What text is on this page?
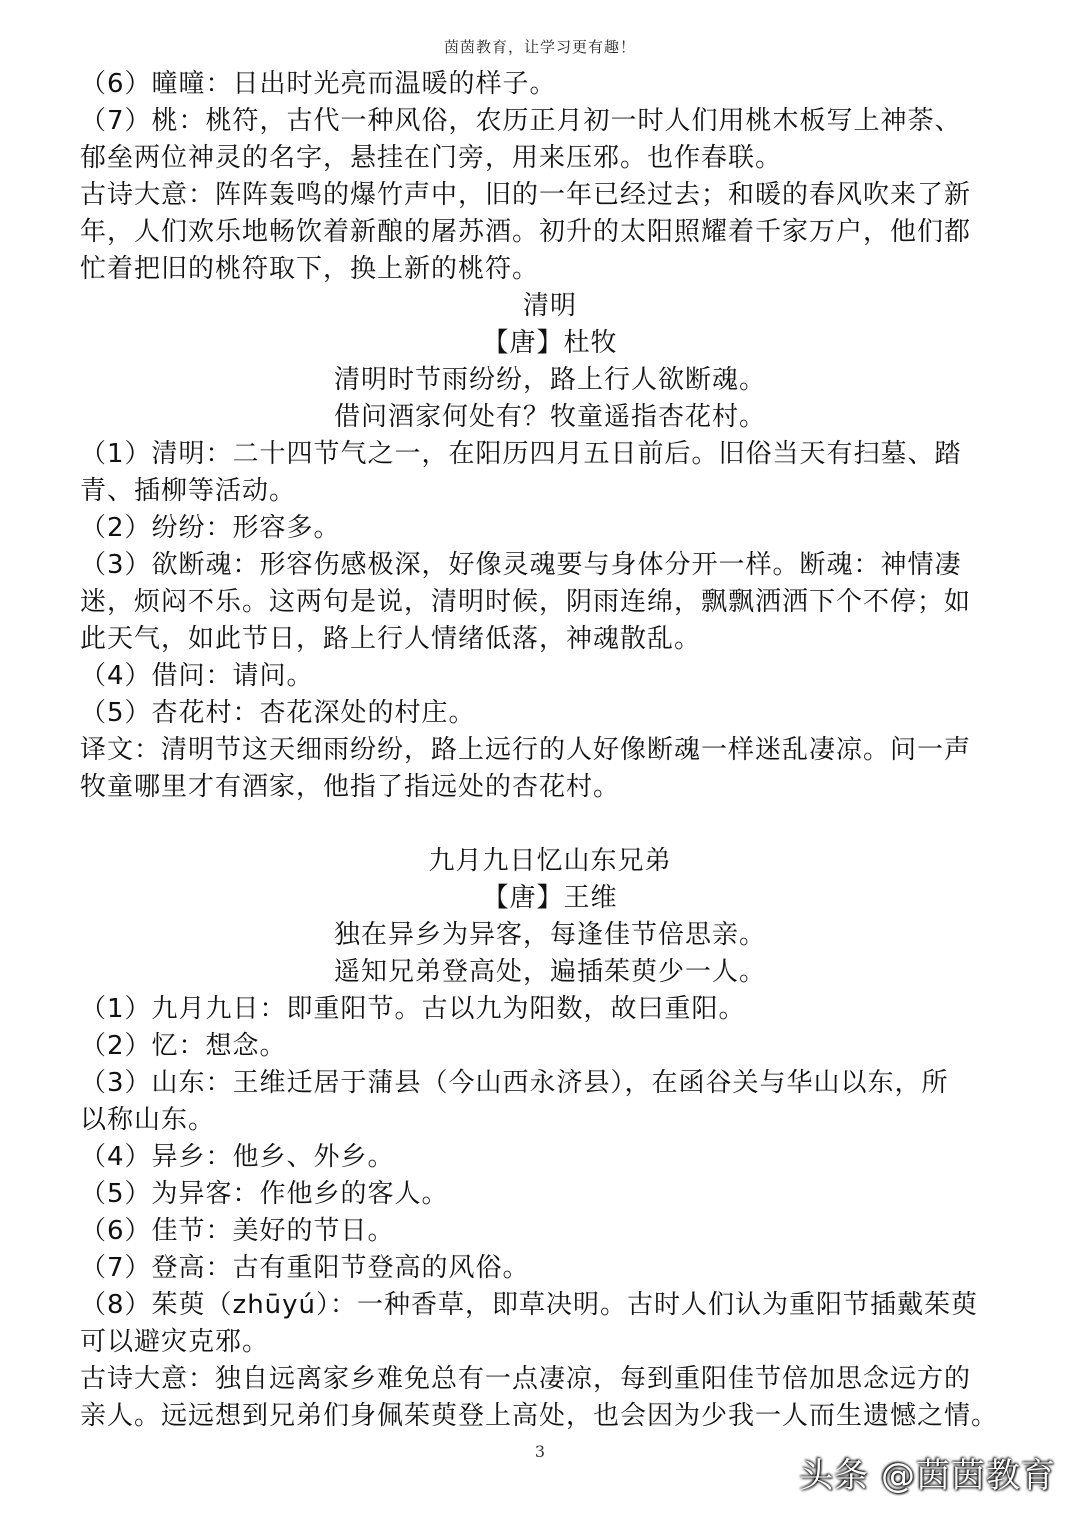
茵茵教育，让学习更有趣！

（6）曈曈：日出时光亮而温暖的样子。

（7）桃：桃符，古代一种风俗，农历正月初一时人们用桃木板写上神荼、

郁垒两位神灵的名字，悬挂在门旁，用来压邪。也作春联。

古诗大意：阵阵轰鸣的爆竹声中，旧的一年已经过去；和暖的春风吹来了新

年，人们欢乐地畅饮着新酿的屠苏酒。初升的太阳照耀着千家万户，他们都

忙着把旧的桃符取下，换上新的桃符。

清明

【唐】杜牧

清明时节雨纷纷，路上行人欲断魂。

借问酒家何处有？牧童遥指杏花村。

（1）清明：二十四节气之一，在阳历四月五日前后。旧俗当天有扫墓、踏

青、插柳等活动。

（2）纷纷：形容多。

（3）欲断魂：形容伤感极深，好像灵魂要与身体分开一样。断魂：神情凄

迷，烦闷不乐。这两句是说，清明时候，阴雨连绵，飘飘洒洒下个不停；如

此天气，如此节日，路上行人情绪低落，神魂散乱。

（4）借问：请问。

（5）杏花村：杏花深处的村庄。

译文：清明节这天细雨纷纷，路上远行的人好像断魂一样迷乱凄凉。问一声

牧童哪里才有酒家，他指了指远处的杏花村。

九月九日忆山东兄弟

【唐】王维

独在异乡为异客，每逢佳节倍思亲。

遥知兄弟登高处，遍插茱萸少一人。

（1）九月九日：即重阳节。古以九为阳数，故曰重阳。

（2）忆：想念。

（3）山东：王维迁居于蒲县（今山西永济县），在函谷关与华山以东，所

以称山东。

（4）异乡：他乡、外乡。

（5）为异客：作他乡的客人。

（6）佳节：美好的节日。

（7）登高：古有重阳节登高的风俗。

（8）茱萸（zhūyú）：一种香草，即草决明。古时人们认为重阳节插戴茱萸

可以避灾克邪。

古诗大意：独自远离家乡难免总有一点凄凉，每到重阳佳节倍加思念远方的

亲人。远远想到兄弟们身佩茱萸登上高处，也会因为少我一人而生遗憾之情。

3
头条 @茵茵教育
